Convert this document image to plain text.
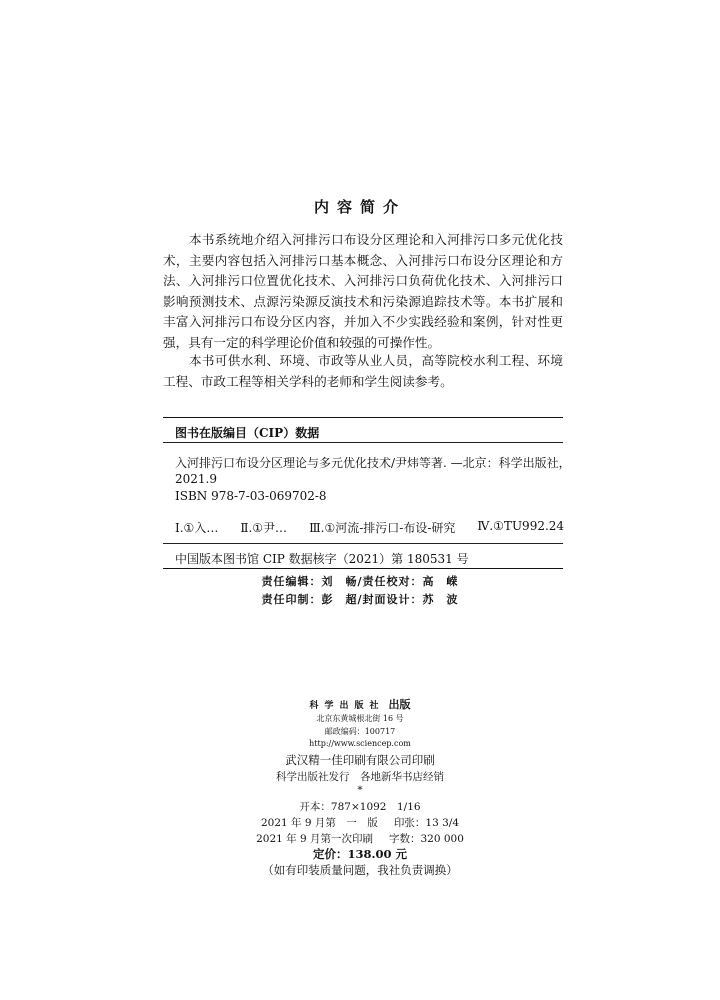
内容简介
本书系统地介绍入河排污口布设分区理论和入河排污口多元优化技术，主要内容包括入河排污口基本概念、入河排污口布设分区理论和方法、入河排污口位置优化技术、入河排污口负荷优化技术、入河排污口影响预测技术、点源污染源反演技术和污染源追踪技术等。本书扩展和丰富入河排污口布设分区内容，并加入不少实践经验和案例，针对性更强，具有一定的科学理论价值和较强的可操作性。
本书可供水利、环境、市政等从业人员，高等院校水利工程、环境工程、市政工程等相关学科的老师和学生阅读参考。
图书在版编目（CIP）数据
入河排污口布设分区理论与多元优化技术/尹炜等著. —北京：科学出版社，
2021.9
ISBN 978-7-03-069702-8
Ⅰ.①入… Ⅱ.①尹… Ⅲ.①河流-排污口-布设-研究 Ⅳ.①TU992.24
中国版本图书馆 CIP 数据核字（2021）第 180531 号
责任编辑：刘　畅/责任校对：高　嵘
责任印制：彭　超/封面设计：苏　波
科学出版社 出版
北京东黄城根北街 16 号
邮政编码：100717
http://www.sciencep.com
武汉精一佳印刷有限公司印刷
科学出版社发行　各地新华书店经销
*
开本：787×1092　1/16
2021 年 9 月第　一　版 印张：13 3/4
2021 年 9 月第一次印刷 字数：320 000
定价：138.00 元
（如有印装质量问题，我社负责调换）
